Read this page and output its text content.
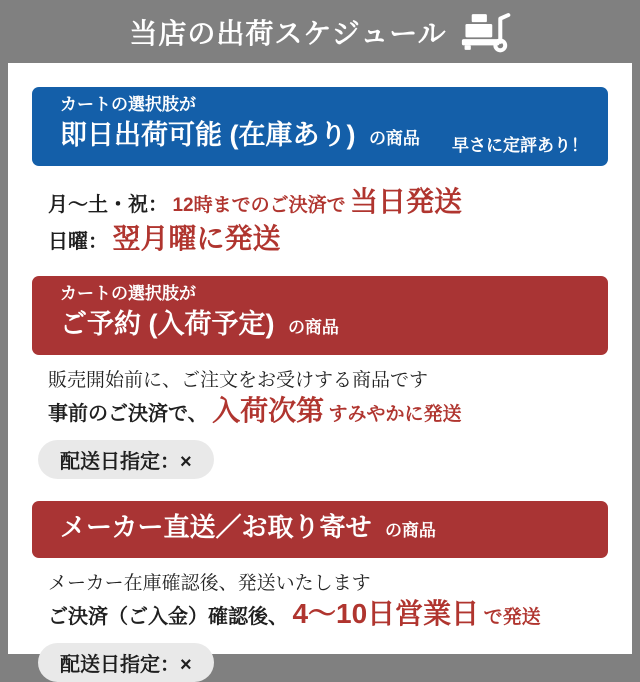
当店の出荷スケジュール
カートの選択肢が
即日出荷可能 (在庫あり) の商品	早さに定評あり！
月～土・祝： 12時までのご決済で 当日発送
日曜： 翌月曜に発送
カートの選択肢が
ご予約 (入荷予定) の商品
販売開始前に、ご注文をお受けする商品です
事前のご決済で、 入荷次第 すみやかに発送
配送日指定：×
メーカー直送／お取り寄せ の商品
メーカー在庫確認後、発送いたします
ご決済（ご入金）確認後、 4～10日営業日 で発送
配送日指定：×
